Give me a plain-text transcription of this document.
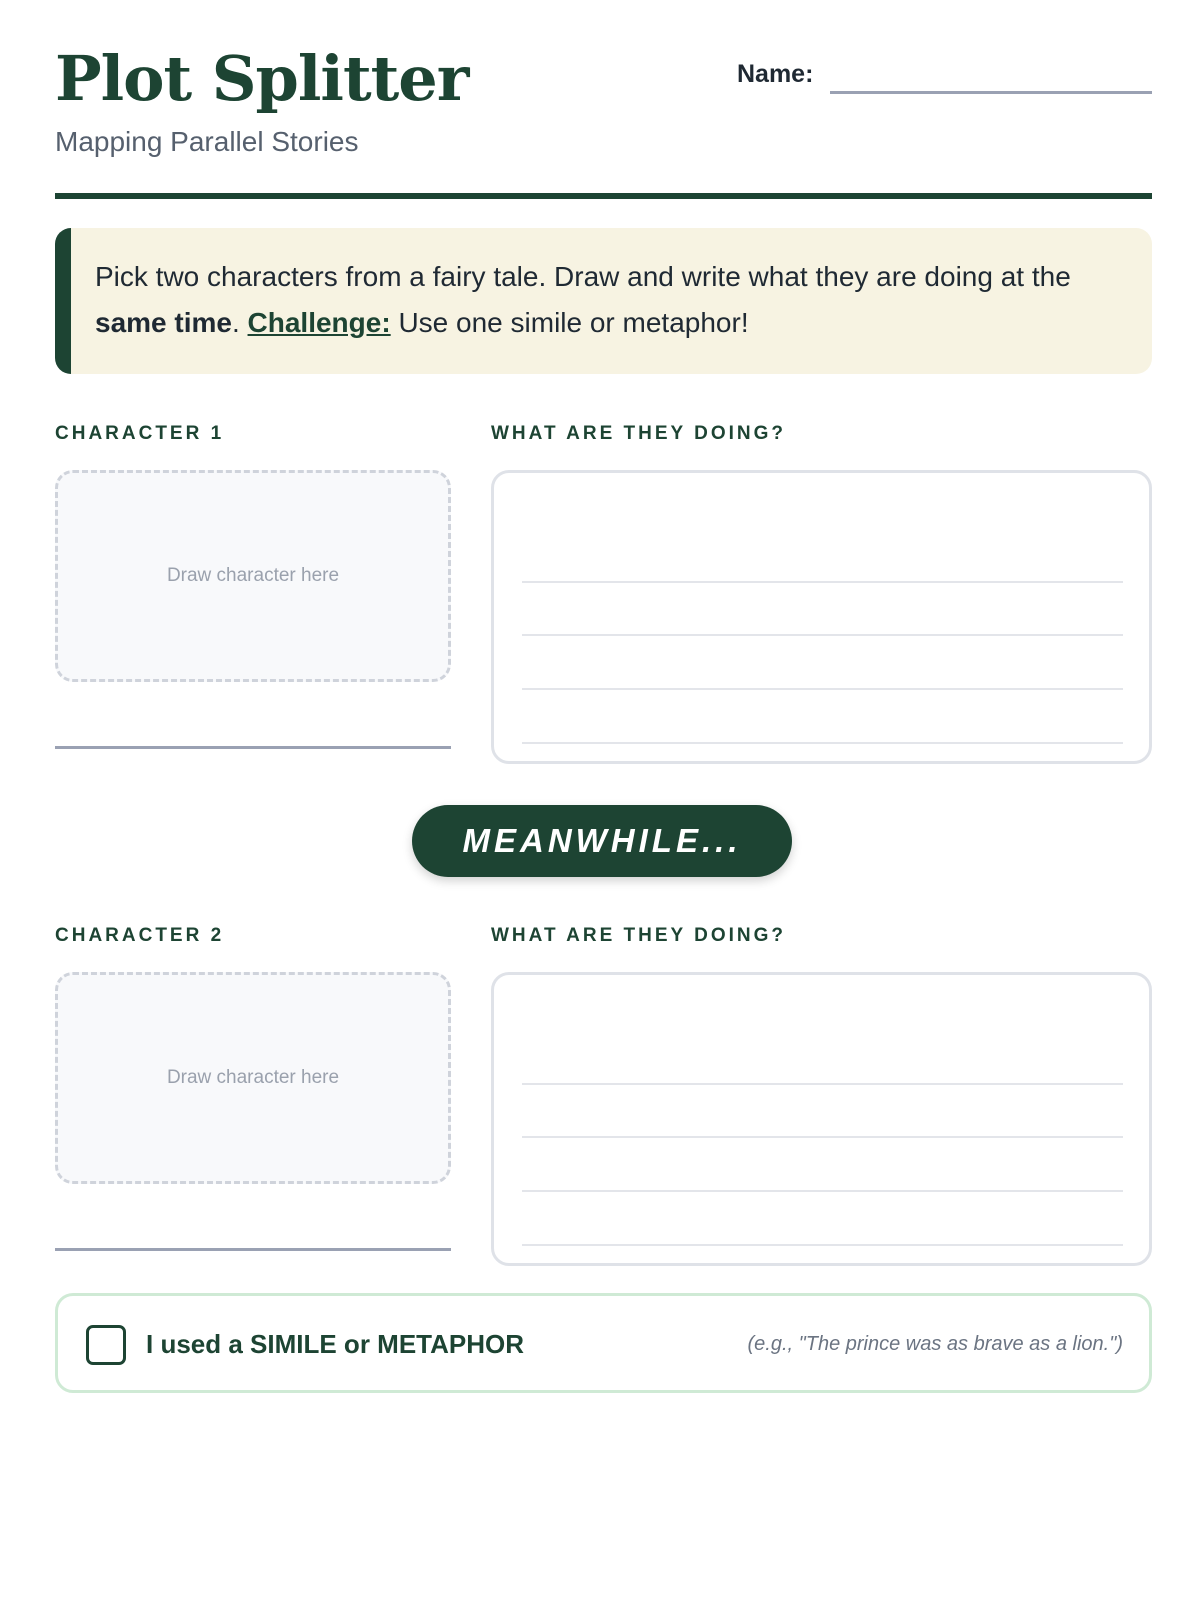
Plot Splitter
Mapping Parallel Stories
Name:
Pick two characters from a fairy tale. Draw and write what they are doing at the same time. Challenge: Use one simile or metaphor!
CHARACTER 1	WHAT ARE THEY DOING?
Draw character here
MEANWHILE...
CHARACTER 2	WHAT ARE THEY DOING?
Draw character here
I used a SIMILE or METAPHOR	(e.g., "The prince was as brave as a lion.")
